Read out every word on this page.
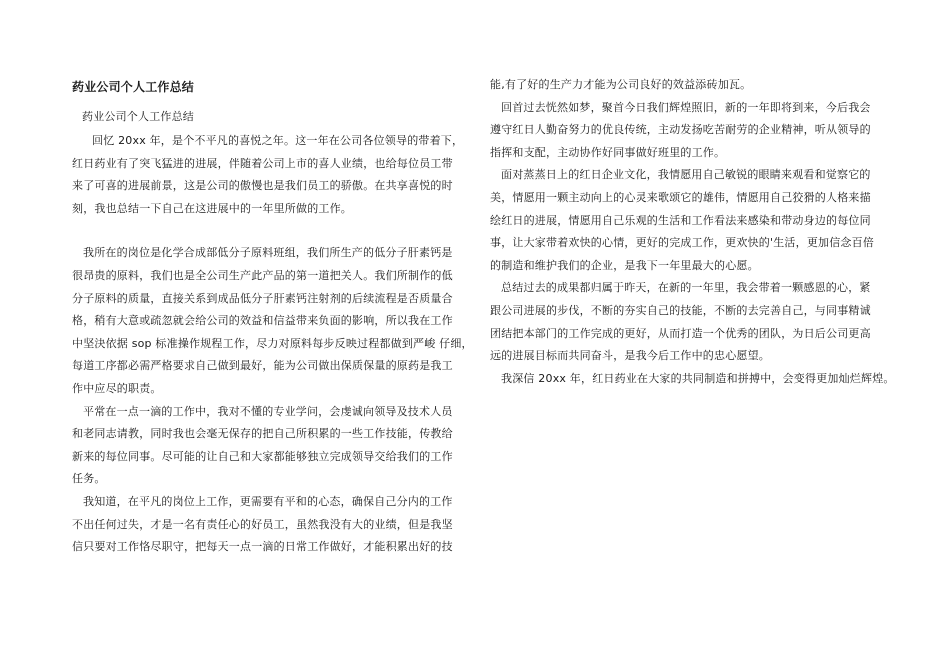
药业公司个人工作总结
药业公司个人工作总结

回忆 20xx 年，是个不平凡的喜悦之年。这一年在公司各位领导的带着下，
红日药业有了突飞猛进的进展，伴随着公司上市的喜人业绩，也给每位员工带
来了可喜的进展前景，这是公司的傲慢也是我们员工的骄傲。在共享喜悦的时
刻，我也总结一下自己在这进展中的一年里所做的工作。

我所在的岗位是化学合成部低分子原料班组，我们所生产的低分子肝素钙是
很昂贵的原料，我们也是全公司生产此产品的第一道把关人。我们所制作的低
分子原料的质量，直接关系到成品低分子肝素钙注射剂的后续流程是否质量合
格，稍有大意或疏忽就会给公司的效益和信益带来负面的影响，所以我在工作
中坚決依据 sop 标准操作规程工作，尽力对原料每步反映过程都做到严峻 仔细，
每道工序都必需严格要求自己做到最好，能为公司做出保质保量的原药是我工
作中应尽的职责。

平常在一点一滴的工作中，我对不懂的专业学问，会虔诚向领导及技术人员
和老同志请教，同时我也会毫无保存的把自己所积累的一些工作技能，传教给
新来的每位同事。尽可能的让自己和大家都能够独立完成领导交给我们的工作
任务。

我知道，在平凡的岗位上工作，更需要有平和的心态，确保自己分内的工作
不出任何过失，才是一名有责任心的好员工，虽然我没有大的业绩，但是我坚
信只要对工作恪尽职守，把每天一点一滴的日常工作做好，才能积累出好的技

能,有了好的生产力才能为公司良好的效益添砖加瓦。

回首过去恍然如梦，聚首今日我们辉煌照旧，新的一年即将到来，今后我会
遵守红日人勤奋努力的优良传统，主动发扬吃苦耐劳的企业精神，听从领导的
指挥和支配，主动协作好同事做好班里的工作。

面对蒸蒸日上的红日企业文化，我情愿用自己敏锐的眼睛来观看和觉察它的
美，情愿用一颗主动向上的心灵来歌颂它的雄伟，情愿用自己狡猾的人格来描
绘红日的进展，情愿用自己乐观的生活和工作看法来感染和带动身边的每位同
事，让大家带着欢快的心情，更好的完成工作，更欢快的'生活，更加信念百倍
的制造和维护我们的企业，是我下一年里最大的心愿。

总结过去的成果都归属于昨天，在新的一年里，我会带着一颗感恩的心，紧
跟公司进展的步伐，不断的夯实自己的技能，不断的去完善自己，与同事精诚
团结把本部门的工作完成的更好，从而打造一个优秀的团队，为日后公司更高
远的进展目标而共同奋斗，是我今后工作中的忠心愿望。

我深信 20xx 年，红日药业在大家的共同制造和拼搏中，会变得更加灿烂辉煌。
